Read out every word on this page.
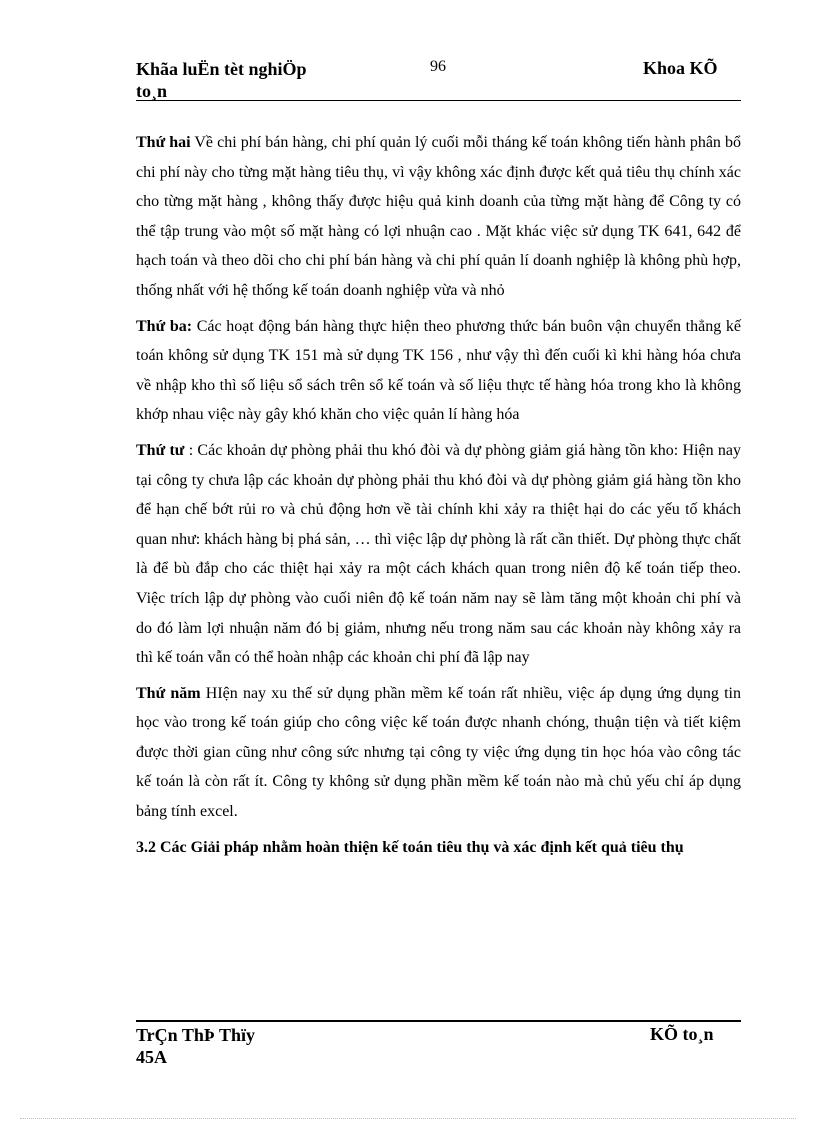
Khãa luËn tèt nghiÖp
to¸n
96	Khoa KÕ

Thứ hai Về chi phí bán hàng, chi phí quản lý cuối mỗi tháng kế toán không tiến hành phân bổ chi phí này cho từng mặt hàng tiêu thụ, vì vậy không xác định được kết quả tiêu thụ chính xác cho từng mặt hàng , không thấy được hiệu quả kinh doanh của từng mặt hàng để Công ty có thể tập trung vào một số mặt hàng có lợi nhuận cao . Mặt khác việc sử dụng TK 641, 642 để hạch toán và theo dõi cho chi phí bán hàng và chi phí quản lí doanh nghiệp là không phù hợp, thống nhất với hệ thống kế toán doanh nghiệp vừa và nhỏ

Thứ ba: Các hoạt động bán hàng thực hiện theo phương thức bán buôn vận chuyển thẳng kế toán không sử dụng TK 151 mà sử dụng TK 156 , như vậy thì đến cuối kì khi hàng hóa chưa về nhập kho thì số liệu sổ sách trên sổ kế toán và số liệu thực tế hàng hóa trong kho là không khớp nhau việc này gây khó khăn cho việc quản lí hàng hóa

Thứ tư : Các khoản dự phòng phải thu khó đòi và dự phòng giảm giá hàng tồn kho: Hiện nay tại công ty chưa lập các khoản dự phòng phải thu khó đòi và dự phòng giảm giá hàng tồn kho để hạn chế bớt rủi ro và chủ động hơn về tài chính khi xảy ra thiệt hại do các yếu tố khách quan như: khách hàng bị phá sản, … thì việc lập dự phòng là rất cần thiết. Dự phòng thực chất là để bù đắp cho các thiệt hại xảy ra một cách khách quan trong niên độ kế toán tiếp theo. Việc trích lập dự phòng vào cuối niên độ kế toán năm nay sẽ làm tăng một khoản chi phí và do đó làm lợi nhuận năm đó bị giảm, nhưng nếu trong năm sau các khoản này không xảy ra thì kế toán vẫn có thể hoàn nhập các khoản chi phí đã lập nay

Thứ năm HIện nay xu thế sử dụng phần mềm kế toán rất nhiều, việc áp dụng ứng dụng tin học vào trong kế toán giúp cho công việc kế toán được nhanh chóng, thuận tiện và tiết kiệm được thời gian cũng như công sức nhưng tại công ty việc ứng dụng tin học hóa vào công tác kế toán là còn rất ít. Công ty không sử dụng phần mềm kế toán nào mà chủ yếu chỉ áp dụng bảng tính excel.

3.2 Các Giải pháp nhằm hoàn thiện kế toán tiêu thụ và xác định kết quả tiêu thụ

TrÇn ThÞ Thïy
45A
KÕ to¸n
